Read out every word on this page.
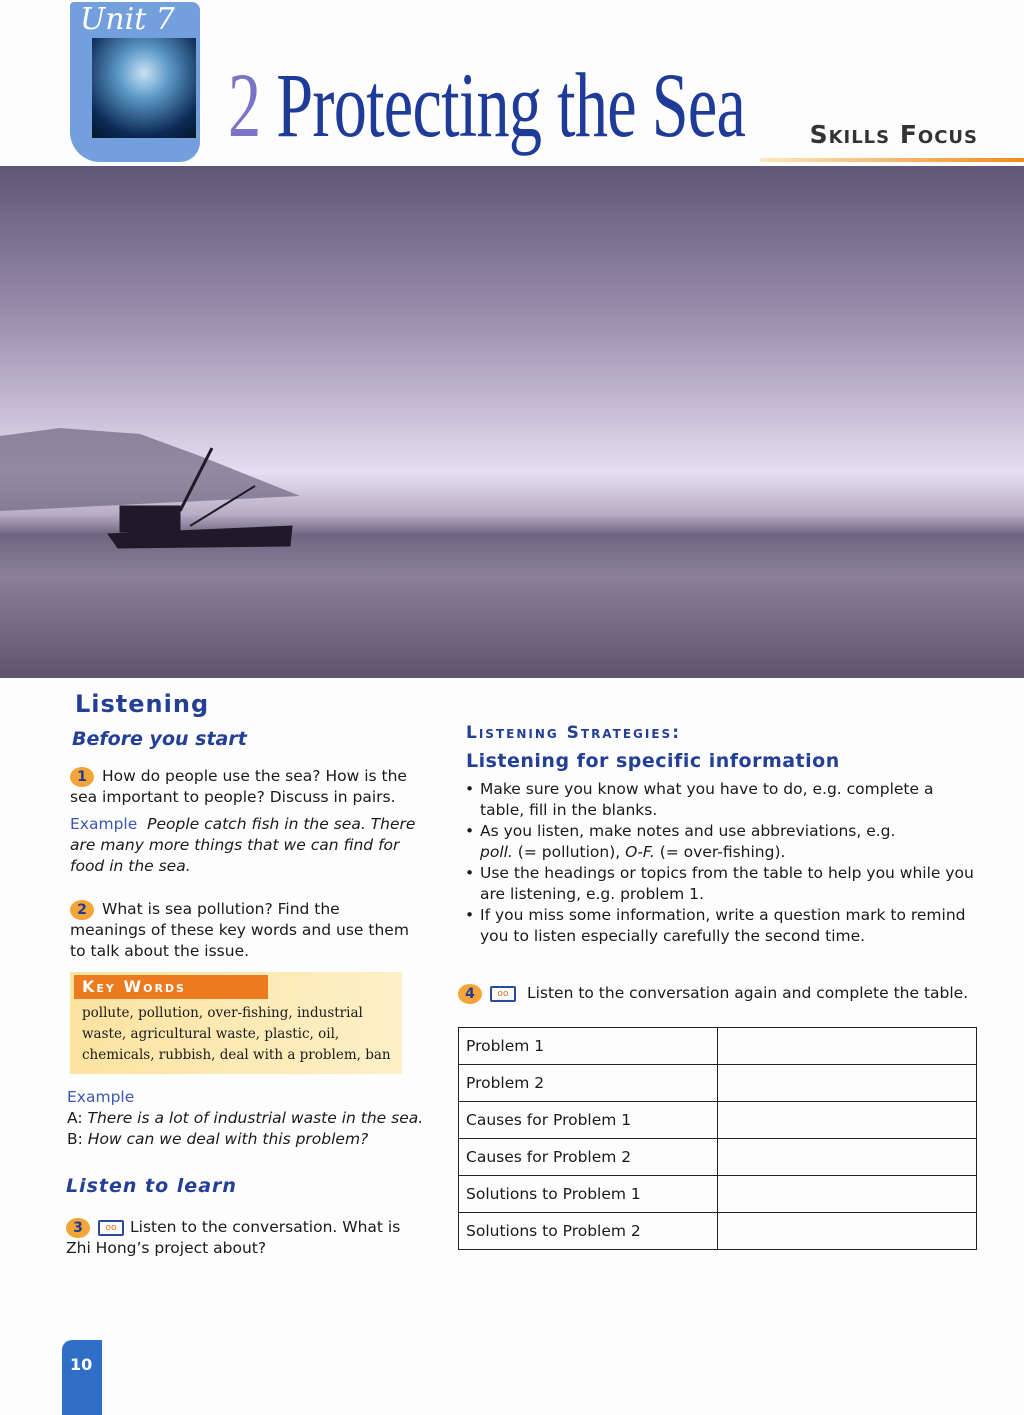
Unit 7
2 Protecting the Sea	Skills Focus
Listening
Before you start
1 How do people use the sea? How is the sea important to people? Discuss in pairs.
Example People catch fish in the sea. There are many more things that we can find for food in the sea.
2 What is sea pollution? Find the meanings of these key words and use them to talk about the issue.
Key Words
pollute, pollution, over-fishing, industrial waste, agricultural waste, plastic, oil, chemicals, rubbish, deal with a problem, ban
Example
A: There is a lot of industrial waste in the sea.
B: How can we deal with this problem?
Listen to learn
3	oo Listen to the conversation. What is Zhi Hong’s project about?
Listening Strategies:
Listening for specific information
• Make sure you know what you have to do, e.g. complete a table, fill in the blanks.
• As you listen, make notes and use abbreviations, e.g.
poll. (= pollution), O-F. (= over-fishing).
• Use the headings or topics from the table to help you while you are listening, e.g. problem 1.
• If you miss some information, write a question mark to remind you to listen especially carefully the second time.
4	oo Listen to the conversation again and complete the table.
Problem 1	
Problem 2	
Causes for Problem 1	
Causes for Problem 2	
Solutions to Problem 1	
Solutions to Problem 2	
10
